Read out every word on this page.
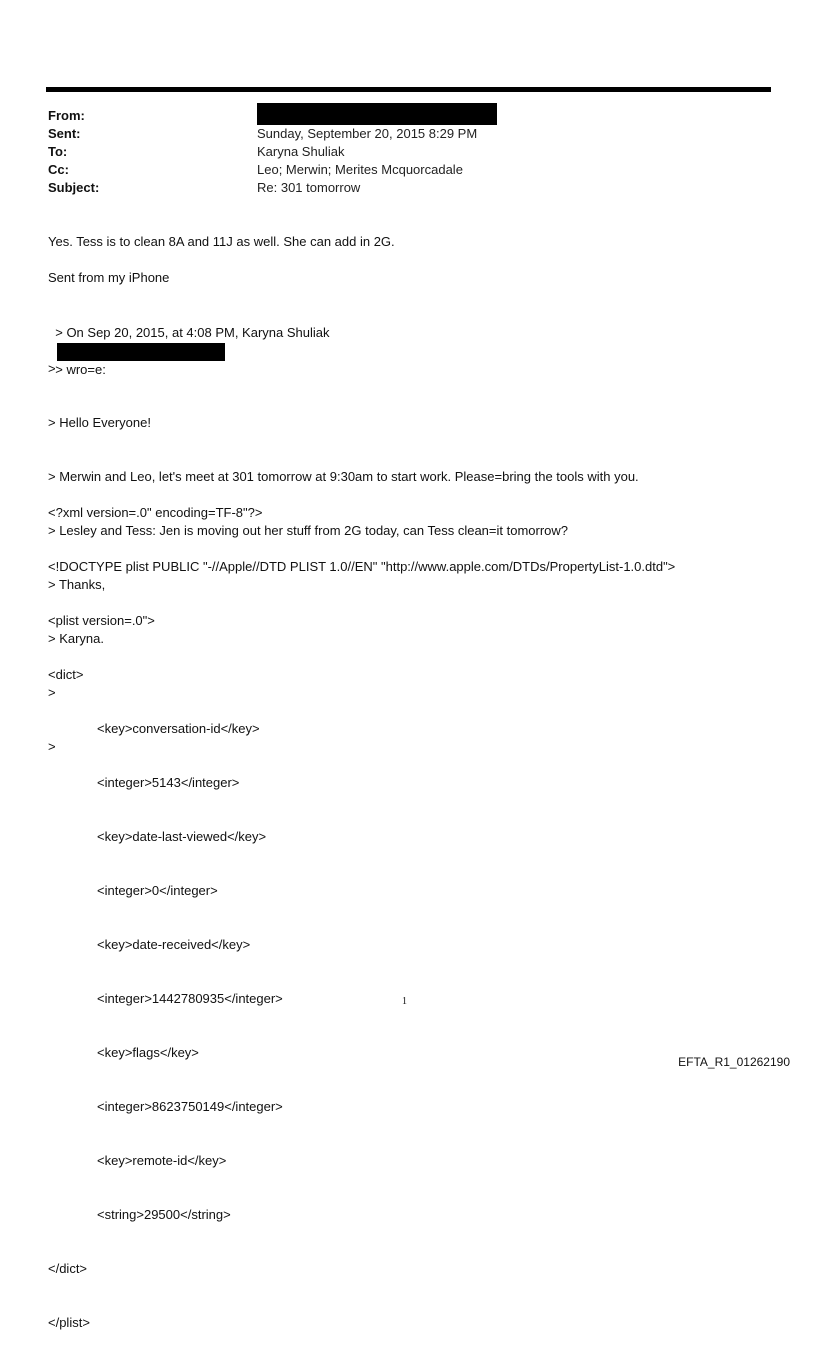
From:
Sent:	Sunday, September 20, 2015 8:29 PM
To:	Karyna Shuliak
Cc:	Leo; Merwin; Merites Mcquorcadale
Subject:	Re: 301 tomorrow
Yes. Tess is to clean 8A and 11J as well. She can add in 2G.
Sent from my iPhone

> On Sep 20, 2015, at 4:08 PM, Karyna Shuliak

> wro=e:

>

> Hello Everyone!

> Merwin and Leo, let's meet at 301 tomorrow at 9:30am to start work. Please=bring the tools with you.

> Lesley and Tess: Jen is moving out her stuff from 2G today, can Tess clean=it tomorrow?

> Thanks,

> Karyna.

>

>

<?xml version=.0" encoding=TF-8"?>

<!DOCTYPE plist PUBLIC "-//Apple//DTD PLIST 1.0//EN" "http://www.apple.com/DTDs/PropertyList-1.0.dtd">

<plist version=.0">

<dict>

<key>conversation-id</key>

<integer>5143</integer>

<key>date-last-viewed</key>

<integer>0</integer>

<key>date-received</key>

<integer>1442780935</integer>

<key>flags</key>

<integer>8623750149</integer>

<key>remote-id</key>

<string>29500</string>

</dict>

</plist>

1
EFTA_R1_01262190
